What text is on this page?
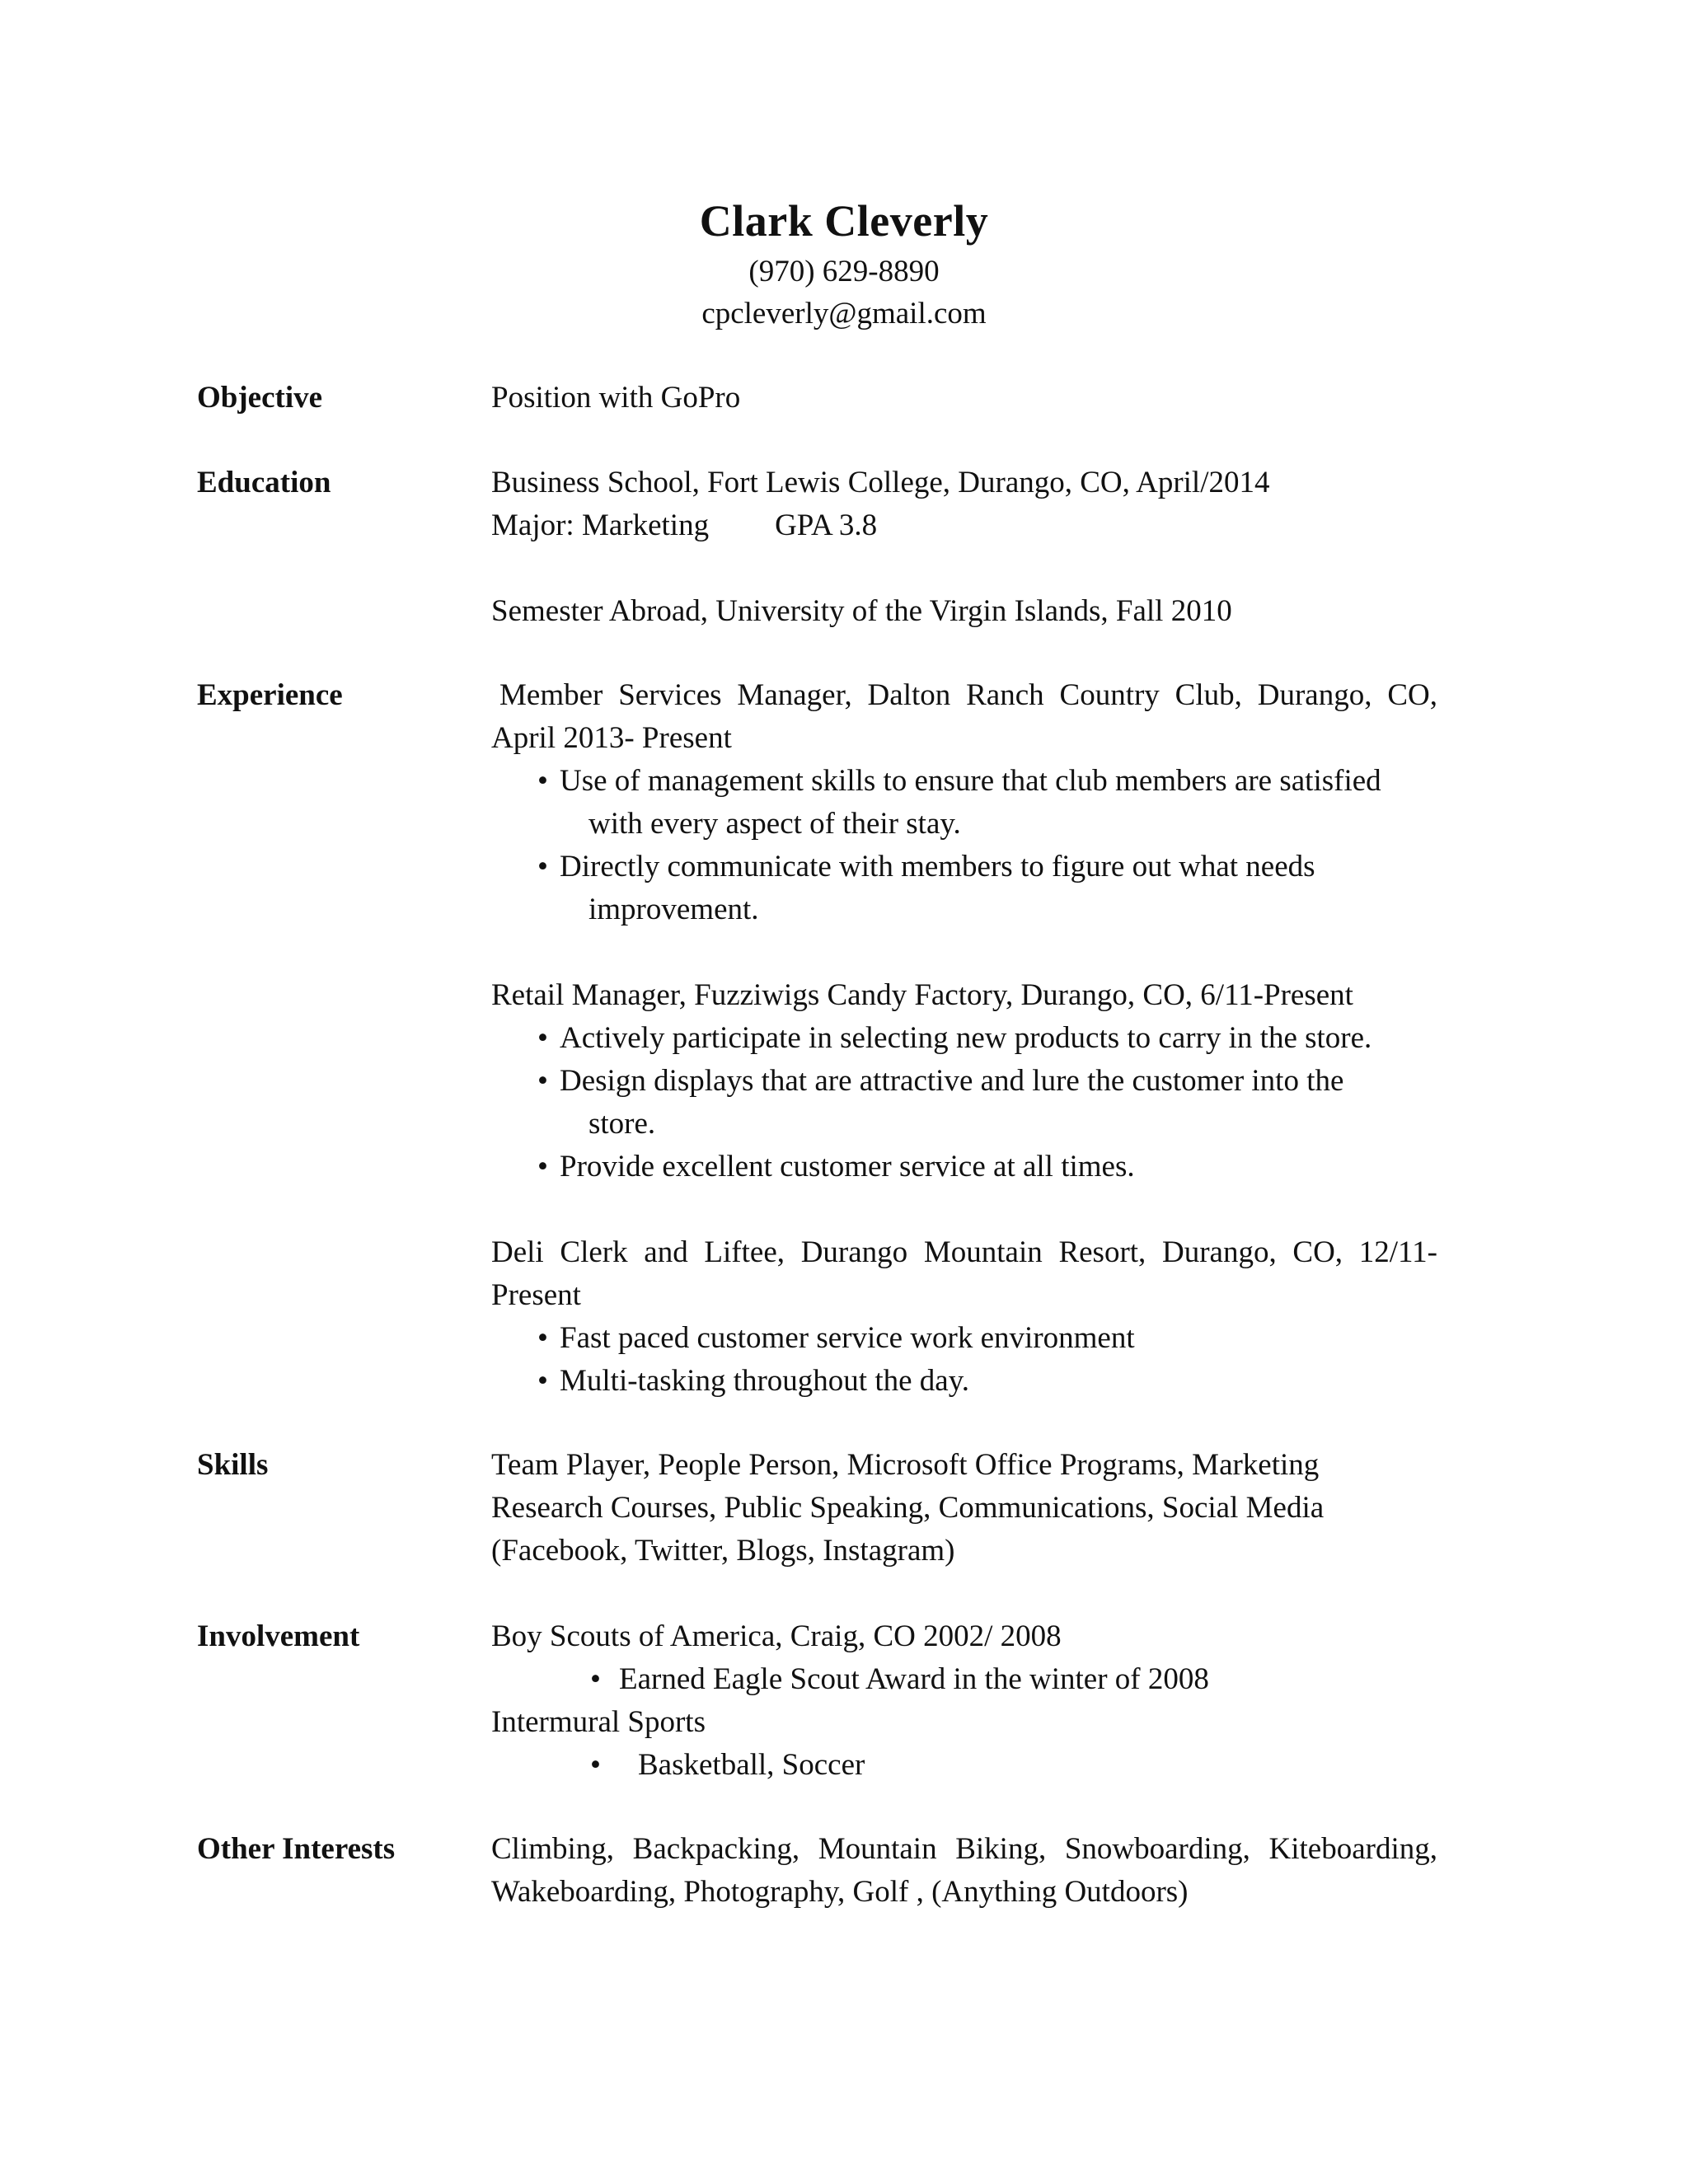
Clark Cleverly
(970) 629-8890
cpcleverly@gmail.com
Objective	Position with GoPro
Education	Business School, Fort Lewis College, Durango, CO, April/2014
Major: Marketing GPA 3.8
Semester Abroad, University of the Virgin Islands, Fall 2010
Experience	Member Services Manager, Dalton Ranch Country Club, Durango, CO,
April 2013- Present
• Use of management skills to ensure that club members are satisfied
with every aspect of their stay.
• Directly communicate with members to figure out what needs
improvement.
Retail Manager, Fuzziwigs Candy Factory, Durango, CO, 6/11-Present
• Actively participate in selecting new products to carry in the store.
• Design displays that are attractive and lure the customer into the
store.
• Provide excellent customer service at all times.
Deli Clerk and Liftee, Durango Mountain Resort, Durango, CO, 12/11-
Present
• Fast paced customer service work environment
• Multi-tasking throughout the day.
Skills	Team Player, People Person, Microsoft Office Programs, Marketing
Research Courses, Public Speaking, Communications, Social Media
(Facebook, Twitter, Blogs, Instagram)
Involvement	Boy Scouts of America, Craig, CO 2002/ 2008
• Earned Eagle Scout Award in the winter of 2008
Intermural Sports
• Basketball, Soccer
Other Interests	Climbing, Backpacking, Mountain Biking, Snowboarding, Kiteboarding,
Wakeboarding, Photography, Golf , (Anything Outdoors)
